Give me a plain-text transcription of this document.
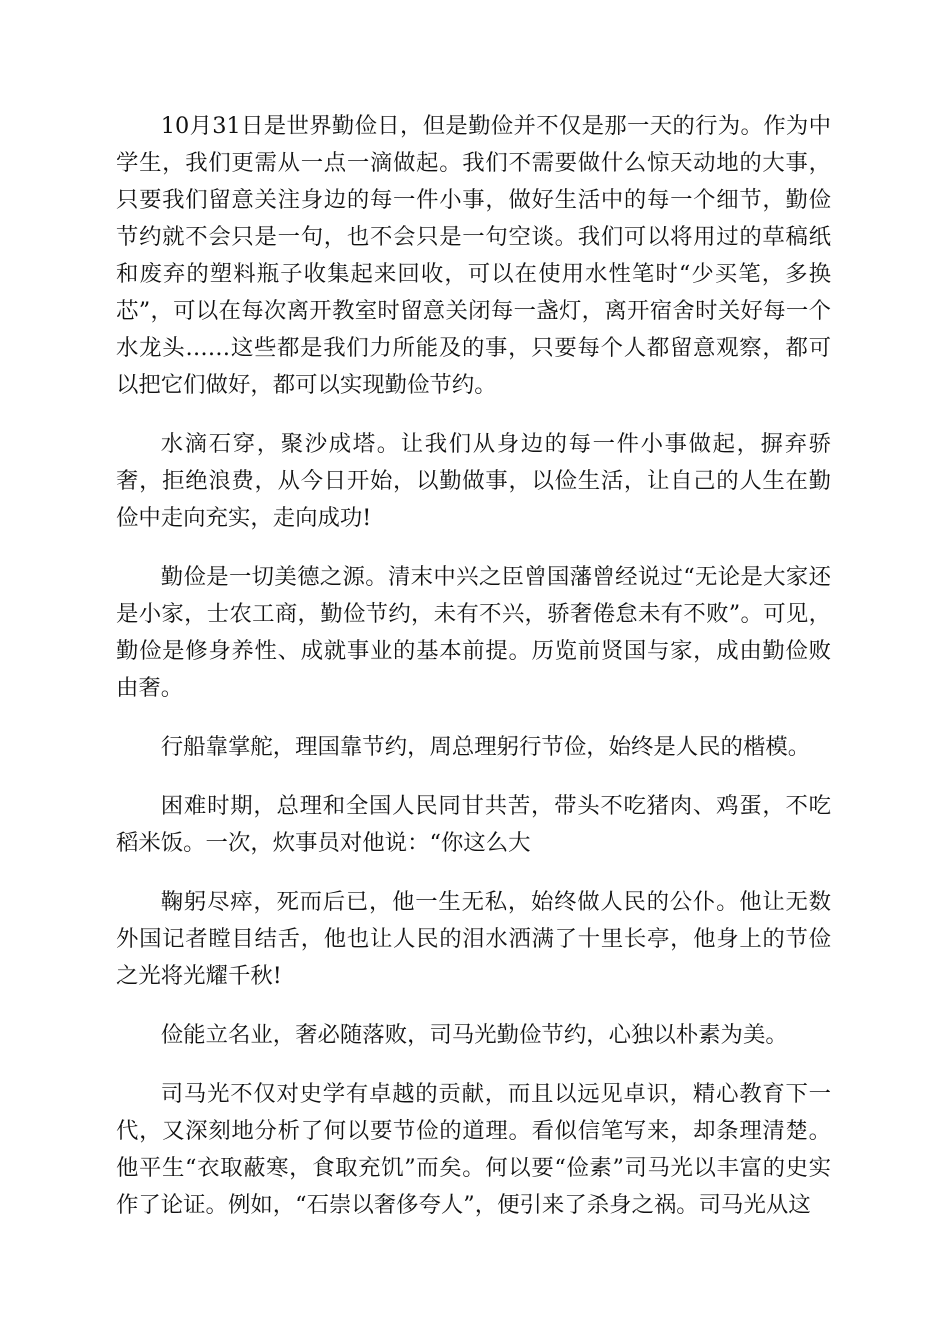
10月31日是世界勤俭日，但是勤俭并不仅是那一天的行为。作为中学生，我们更需从一点一滴做起。我们不需要做什么惊天动地的大事，只要我们留意关注身边的每一件小事，做好生活中的每一个细节，勤俭节约就不会只是一句，也不会只是一句空谈。我们可以将用过的草稿纸和废弃的塑料瓶子收集起来回收，可以在使用水性笔时“少买笔，多换芯”，可以在每次离开教室时留意关闭每一盏灯，离开宿舍时关好每一个水龙头……这些都是我们力所能及的事，只要每个人都留意观察，都可以把它们做好，都可以实现勤俭节约。

水滴石穿，聚沙成塔。让我们从身边的每一件小事做起，摒弃骄奢，拒绝浪费，从今日开始，以勤做事，以俭生活，让自己的人生在勤俭中走向充实，走向成功!

勤俭是一切美德之源。清末中兴之臣曾国藩曾经说过“无论是大家还是小家，士农工商，勤俭节约，未有不兴，骄奢倦怠未有不败”。可见，勤俭是修身养性、成就事业的基本前提。历览前贤国与家，成由勤俭败由奢。

行船靠掌舵，理国靠节约，周总理躬行节俭，始终是人民的楷模。

困难时期，总理和全国人民同甘共苦，带头不吃猪肉、鸡蛋，不吃稻米饭。一次，炊事员对他说：“你这么大

鞠躬尽瘁，死而后已，他一生无私，始终做人民的公仆。他让无数外国记者瞠目结舌，他也让人民的泪水洒满了十里长亭，他身上的节俭之光将光耀千秋!

俭能立名业，奢必随落败，司马光勤俭节约，心独以朴素为美。

司马光不仅对史学有卓越的贡献，而且以远见卓识，精心教育下一代，又深刻地分析了何以要节俭的道理。看似信笔写来，却条理清楚。他平生“衣取蔽寒，食取充饥”而矣。何以要“俭素”司马光以丰富的史实作了论证。例如，“石崇以奢侈夸人”，便引来了杀身之祸。司马光从这
